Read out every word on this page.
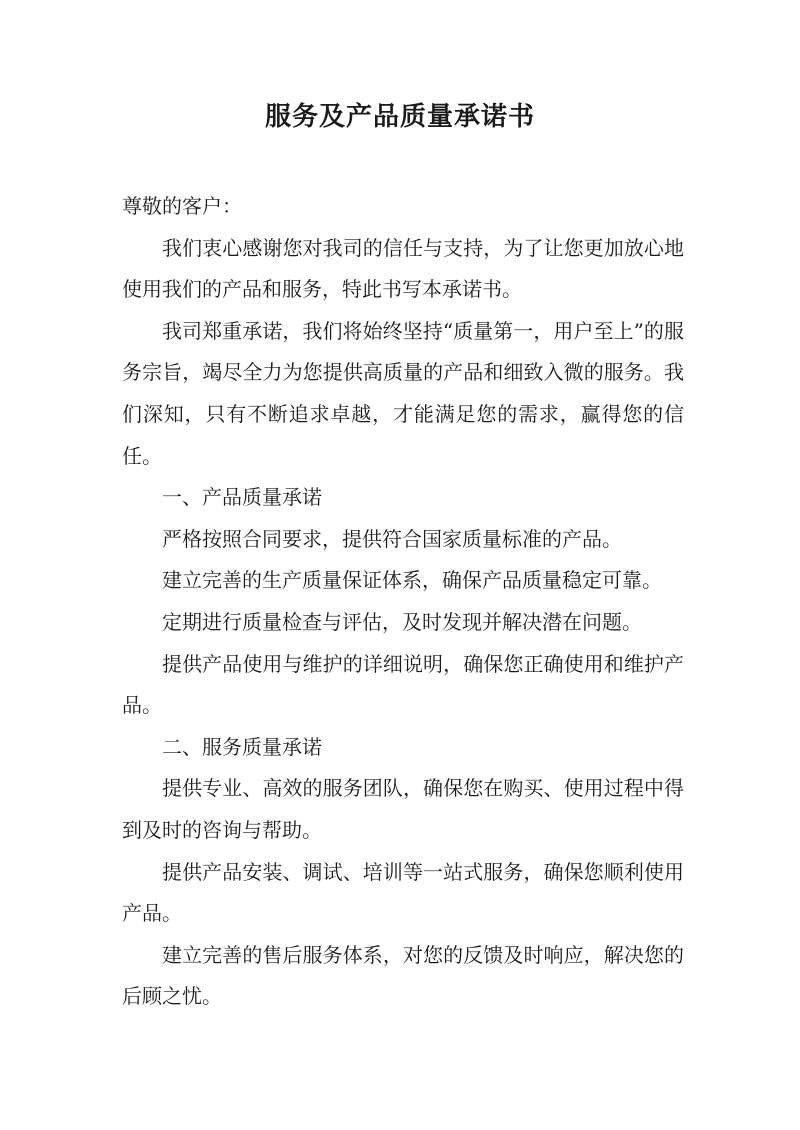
服务及产品质量承诺书

尊敬的客户：

我们衷心感谢您对我司的信任与支持，为了让您更加放心地使用我们的产品和服务，特此书写本承诺书。

我司郑重承诺，我们将始终坚持“质量第一，用户至上”的服务宗旨，竭尽全力为您提供高质量的产品和细致入微的服务。我们深知，只有不断追求卓越，才能满足您的需求，赢得您的信任。

一、产品质量承诺

严格按照合同要求，提供符合国家质量标准的产品。

建立完善的生产质量保证体系，确保产品质量稳定可靠。

定期进行质量检查与评估，及时发现并解决潜在问题。

提供产品使用与维护的详细说明，确保您正确使用和维护产品。

二、服务质量承诺

提供专业、高效的服务团队，确保您在购买、使用过程中得到及时的咨询与帮助。

提供产品安装、调试、培训等一站式服务，确保您顺利使用产品。

建立完善的售后服务体系，对您的反馈及时响应，解决您的后顾之忧。
